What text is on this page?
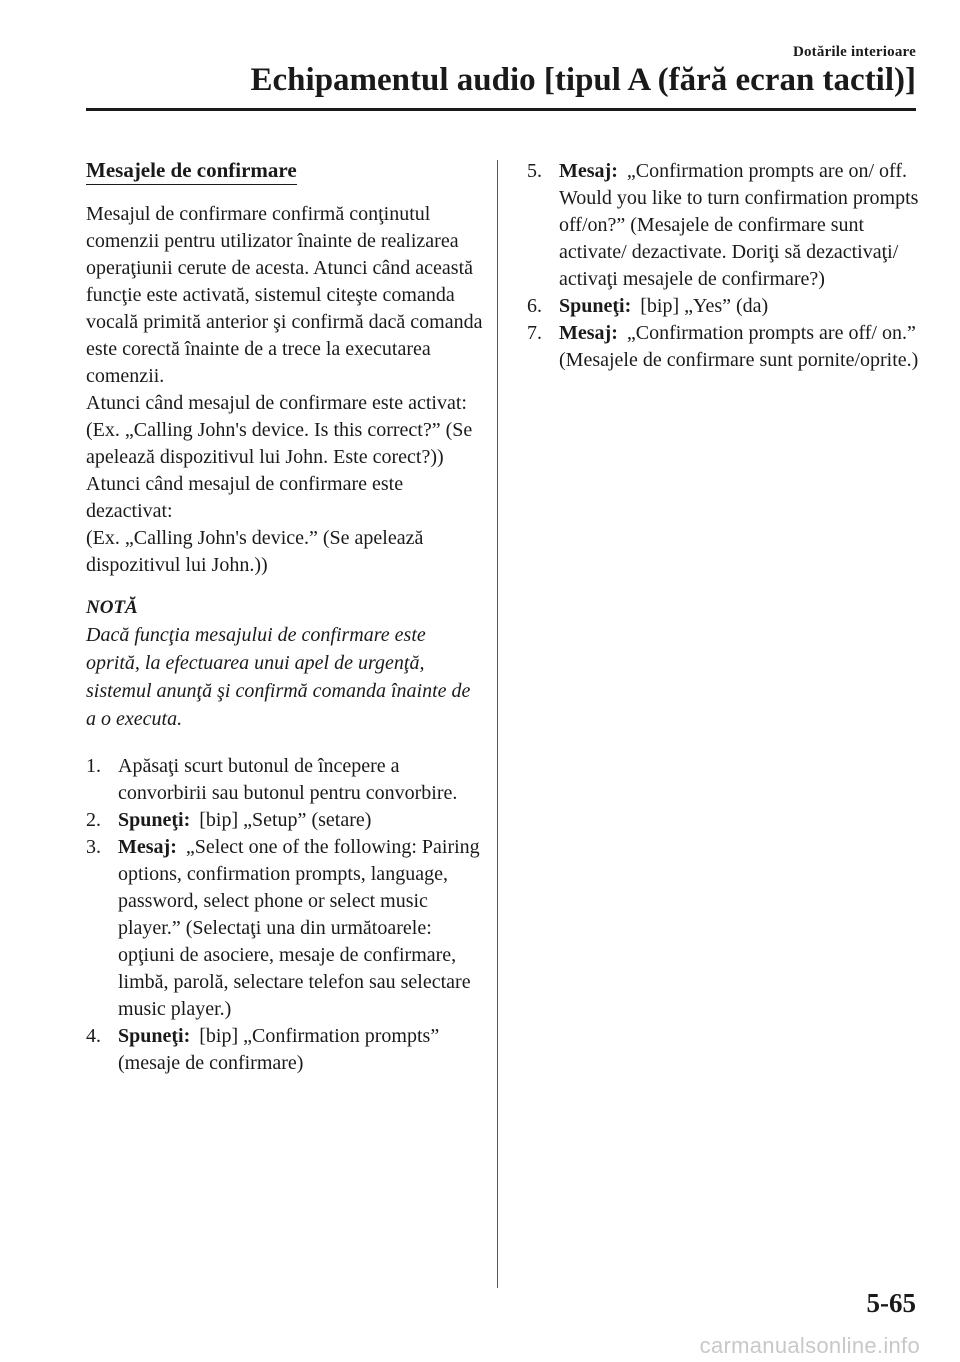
Dotările interioare
Echipamentul audio [tipul A (fără ecran tactil)]
Mesajele de confirmare
Mesajul de confirmare confirmă conţinutul comenzii pentru utilizator înainte de realizarea operaţiunii cerute de acesta. Atunci când această funcţie este activată, sistemul citeşte comanda vocală primită anterior şi confirmă dacă comanda este corectă înainte de a trece la executarea comenzii.
Atunci când mesajul de confirmare este activat:
(Ex. „Calling John's device. Is this correct?” (Se apelează dispozitivul lui John. Este corect?))
Atunci când mesajul de confirmare este dezactivat:
(Ex. „Calling John's device.” (Se apelează dispozitivul lui John.))
NOTĂ
Dacă funcţia mesajului de confirmare este oprită, la efectuarea unui apel de urgenţă, sistemul anunţă şi confirmă comanda înainte de a o executa.
1. Apăsaţi scurt butonul de începere a convorbirii sau butonul pentru convorbire.
2. Spuneţi: [bip] „Setup” (setare)
3. Mesaj: „Select one of the following: Pairing options, confirmation prompts, language, password, select phone or select music player.” (Selectaţi una din următoarele: opţiuni de asociere, mesaje de confirmare, limbă, parolă, selectare telefon sau selectare music player.)
4. Spuneţi: [bip] „Confirmation prompts” (mesaje de confirmare)
5. Mesaj: „Confirmation prompts are on/ off. Would you like to turn confirmation prompts off/on?” (Mesajele de confirmare sunt activate/ dezactivate. Doriţi să dezactivaţi/ activaţi mesajele de confirmare?)
6. Spuneţi: [bip] „Yes” (da)
7. Mesaj: „Confirmation prompts are off/ on.” (Mesajele de confirmare sunt pornite/oprite.)
5-65
carmanualsonline.info
